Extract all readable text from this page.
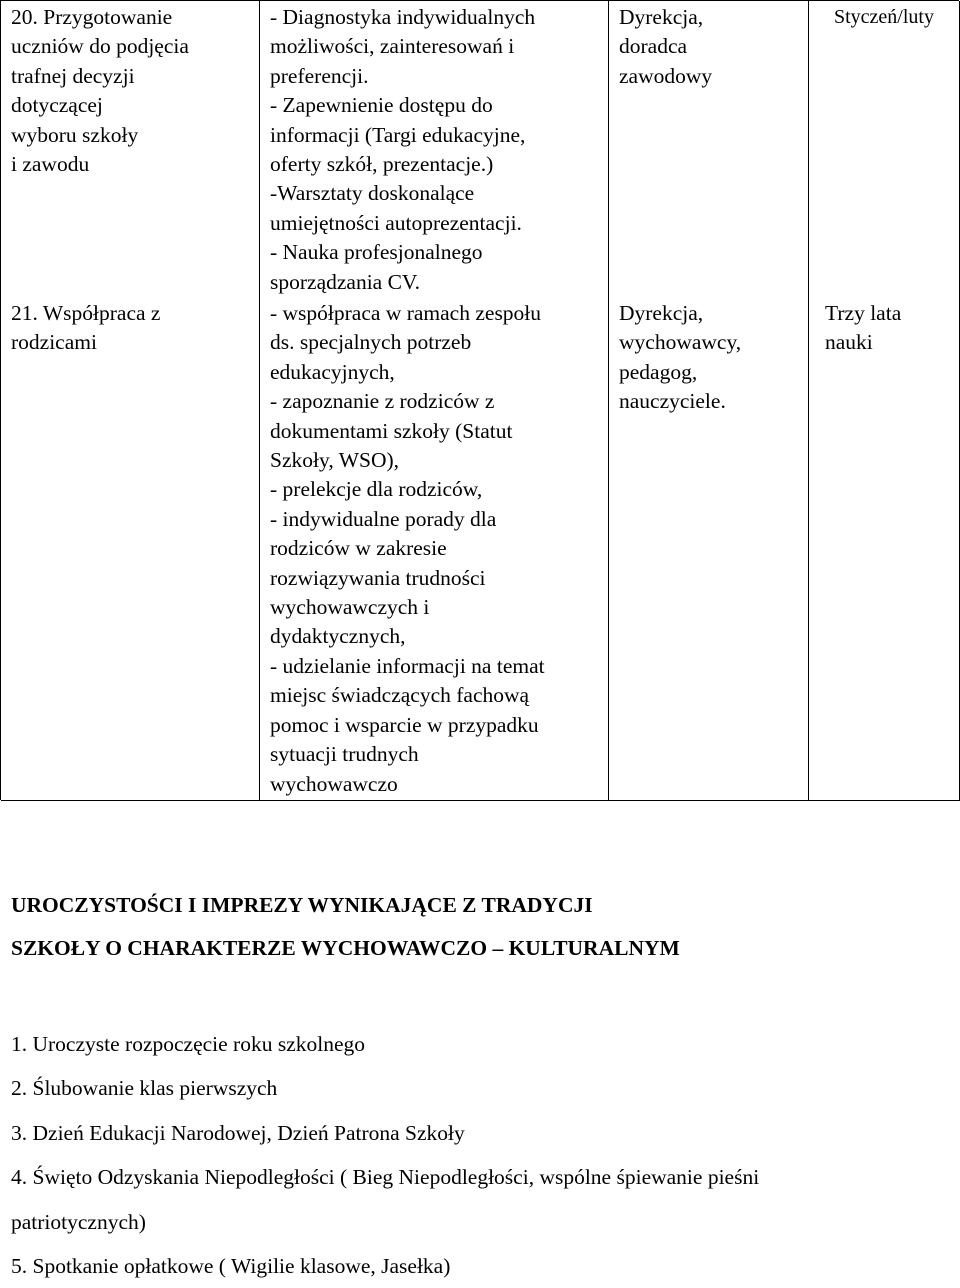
20. Przygotowanie
uczniów do podjęcia
trafnej decyzji
dotyczącej
wyboru szkoły
i zawodu
21. Współpraca z
rodzicami
- Diagnostyka indywidualnych
możliwości, zainteresowań i
preferencji.
- Zapewnienie dostępu do
informacji (Targi edukacyjne,
oferty szkół, prezentacje.)
-Warsztaty doskonalące
umiejętności autoprezentacji.
- Nauka profesjonalnego
sporządzania CV.
- współpraca w ramach zespołu
ds. specjalnych potrzeb
edukacyjnych,
- zapoznanie z rodziców z
dokumentami szkoły (Statut
Szkoły, WSO),
- prelekcje dla rodziców,
- indywidualne porady dla
rodziców w zakresie
rozwiązywania trudności
wychowawczych i
dydaktycznych,
- udzielanie informacji na temat
miejsc świadczących fachową
pomoc i wsparcie w przypadku
sytuacji trudnych
wychowawczo
Dyrekcja,
doradca
zawodowy
Dyrekcja,
wychowawcy,
pedagog,
nauczyciele.
Styczeń/luty
Trzy lata
nauki
UROCZYSTOŚCI I IMPREZY WYNIKAJĄCE Z TRADYCJI
SZKOŁY O CHARAKTERZE WYCHOWAWCZO – KULTURALNYM
1. Uroczyste rozpoczęcie roku szkolnego
2. Ślubowanie klas pierwszych
3. Dzień Edukacji Narodowej, Dzień Patrona Szkoły
4. Święto Odzyskania Niepodległości ( Bieg Niepodległości, wspólne śpiewanie pieśni
patriotycznych)
5. Spotkanie opłatkowe ( Wigilie klasowe, Jasełka)
